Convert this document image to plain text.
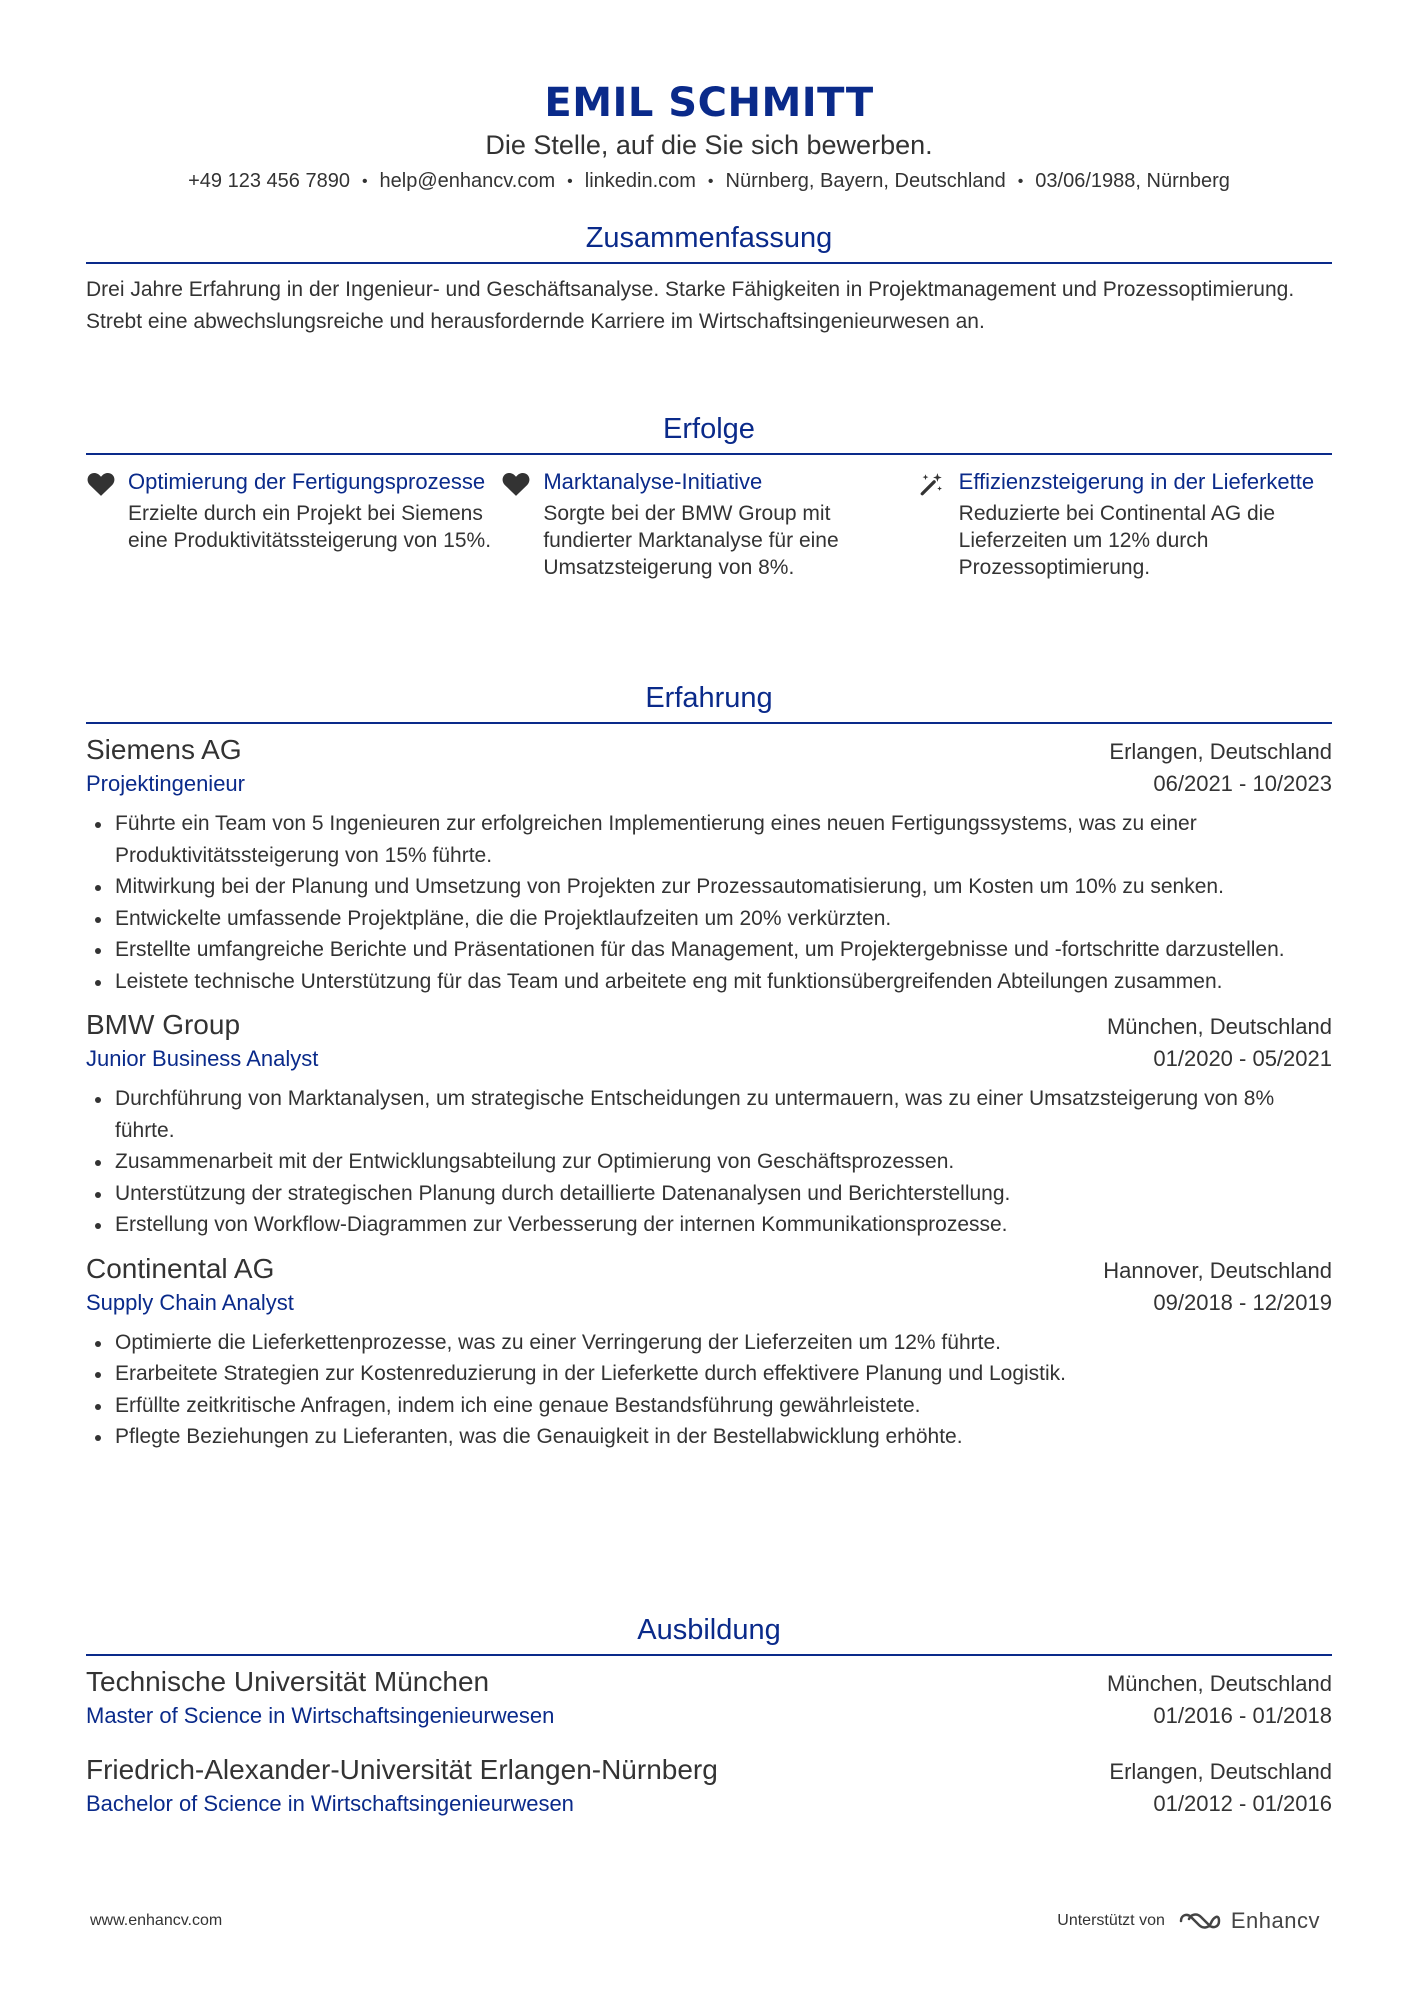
EMIL SCHMITT
Die Stelle, auf die Sie sich bewerben.
+49 123 456 7890 • help@enhancv.com • linkedin.com • Nürnberg, Bayern, Deutschland • 03/06/1988, Nürnberg
Zusammenfassung
Drei Jahre Erfahrung in der Ingenieur- und Geschäftsanalyse. Starke Fähigkeiten in Projektmanagement und Prozessoptimierung. Strebt eine abwechslungsreiche und herausfordernde Karriere im Wirtschaftsingenieurwesen an.
Erfolge
Optimierung der Fertigungsprozesse
Erzielte durch ein Projekt bei Siemens eine Produktivitätssteigerung von 15%.
Marktanalyse-Initiative
Sorgte bei der BMW Group mit fundierter Marktanalyse für eine Umsatzsteigerung von 8%.
Effizienzsteigerung in der Lieferkette
Reduzierte bei Continental AG die Lieferzeiten um 12% durch Prozessoptimierung.
Erfahrung
Siemens AG	Erlangen, Deutschland
Projektingenieur	06/2021 - 10/2023
Führte ein Team von 5 Ingenieuren zur erfolgreichen Implementierung eines neuen Fertigungssystems, was zu einer Produktivitätssteigerung von 15% führte.
Mitwirkung bei der Planung und Umsetzung von Projekten zur Prozessautomatisierung, um Kosten um 10% zu senken.
Entwickelte umfassende Projektpläne, die die Projektlaufzeiten um 20% verkürzten.
Erstellte umfangreiche Berichte und Präsentationen für das Management, um Projektergebnisse und -fortschritte darzustellen.
Leistete technische Unterstützung für das Team und arbeitete eng mit funktionsübergreifenden Abteilungen zusammen.
BMW Group	München, Deutschland
Junior Business Analyst	01/2020 - 05/2021
Durchführung von Marktanalysen, um strategische Entscheidungen zu untermauern, was zu einer Umsatzsteigerung von 8% führte.
Zusammenarbeit mit der Entwicklungsabteilung zur Optimierung von Geschäftsprozessen.
Unterstützung der strategischen Planung durch detaillierte Datenanalysen und Berichterstellung.
Erstellung von Workflow-Diagrammen zur Verbesserung der internen Kommunikationsprozesse.
Continental AG	Hannover, Deutschland
Supply Chain Analyst	09/2018 - 12/2019
Optimierte die Lieferkettenprozesse, was zu einer Verringerung der Lieferzeiten um 12% führte.
Erarbeitete Strategien zur Kostenreduzierung in der Lieferkette durch effektivere Planung und Logistik.
Erfüllte zeitkritische Anfragen, indem ich eine genaue Bestandsführung gewährleistete.
Pflegte Beziehungen zu Lieferanten, was die Genauigkeit in der Bestellabwicklung erhöhte.
Ausbildung
Technische Universität München	München, Deutschland
Master of Science in Wirtschaftsingenieurwesen	01/2016 - 01/2018
Friedrich-Alexander-Universität Erlangen-Nürnberg	Erlangen, Deutschland
Bachelor of Science in Wirtschaftsingenieurwesen	01/2012 - 01/2016
www.enhancv.com	Unterstützt von	Enhancv
